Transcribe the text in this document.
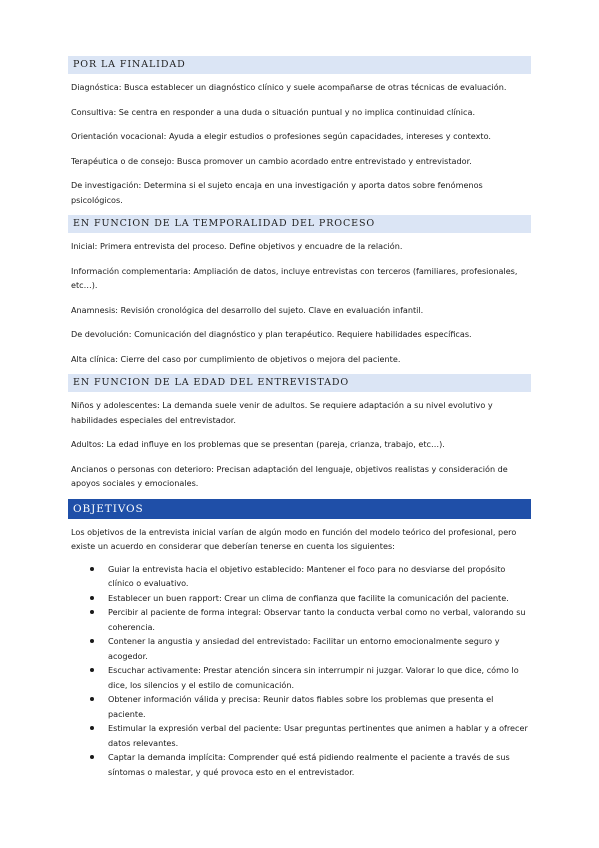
POR LA FINALIDAD

Diagnóstica: Busca establecer un diagnóstico clínico y suele acompañarse de otras técnicas de evaluación.

Consultiva: Se centra en responder a una duda o situación puntual y no implica continuidad clínica.

Orientación vocacional: Ayuda a elegir estudios o profesiones según capacidades, intereses y contexto.

Terapéutica o de consejo: Busca promover un cambio acordado entre entrevistado y entrevistador.

De investigación: Determina si el sujeto encaja en una investigación y aporta datos sobre fenómenos psicológicos.

EN FUNCION DE LA TEMPORALIDAD DEL PROCESO

Inicial: Primera entrevista del proceso. Define objetivos y encuadre de la relación.

Información complementaria: Ampliación de datos, incluye entrevistas con terceros (familiares, profesionales, etc…).

Anamnesis: Revisión cronológica del desarrollo del sujeto. Clave en evaluación infantil.

De devolución: Comunicación del diagnóstico y plan terapéutico. Requiere habilidades específicas.

Alta clínica: Cierre del caso por cumplimiento de objetivos o mejora del paciente.

EN FUNCION DE LA EDAD DEL ENTREVISTADO

Niños y adolescentes: La demanda suele venir de adultos. Se requiere adaptación a su nivel evolutivo y habilidades especiales del entrevistador.

Adultos: La edad influye en los problemas que se presentan (pareja, crianza, trabajo, etc…).

Ancianos o personas con deterioro: Precisan adaptación del lenguaje, objetivos realistas y consideración de apoyos sociales y emocionales.

OBJETIVOS

Los objetivos de la entrevista inicial varían de algún modo en función del modelo teórico del profesional, pero existe un acuerdo en considerar que deberían tenerse en cuenta los siguientes:

Guiar la entrevista hacia el objetivo establecido: Mantener el foco para no desviarse del propósito clínico o evaluativo.
Establecer un buen rapport: Crear un clima de confianza que facilite la comunicación del paciente.
Percibir al paciente de forma integral: Observar tanto la conducta verbal como no verbal, valorando su coherencia.
Contener la angustia y ansiedad del entrevistado: Facilitar un entorno emocionalmente seguro y acogedor.
Escuchar activamente: Prestar atención sincera sin interrumpir ni juzgar. Valorar lo que dice, cómo lo dice, los silencios y el estilo de comunicación.
Obtener información válida y precisa: Reunir datos fiables sobre los problemas que presenta el paciente.
Estimular la expresión verbal del paciente: Usar preguntas pertinentes que animen a hablar y a ofrecer datos relevantes.
Captar la demanda implícita: Comprender qué está pidiendo realmente el paciente a través de sus síntomas o malestar, y qué provoca esto en el entrevistador.
